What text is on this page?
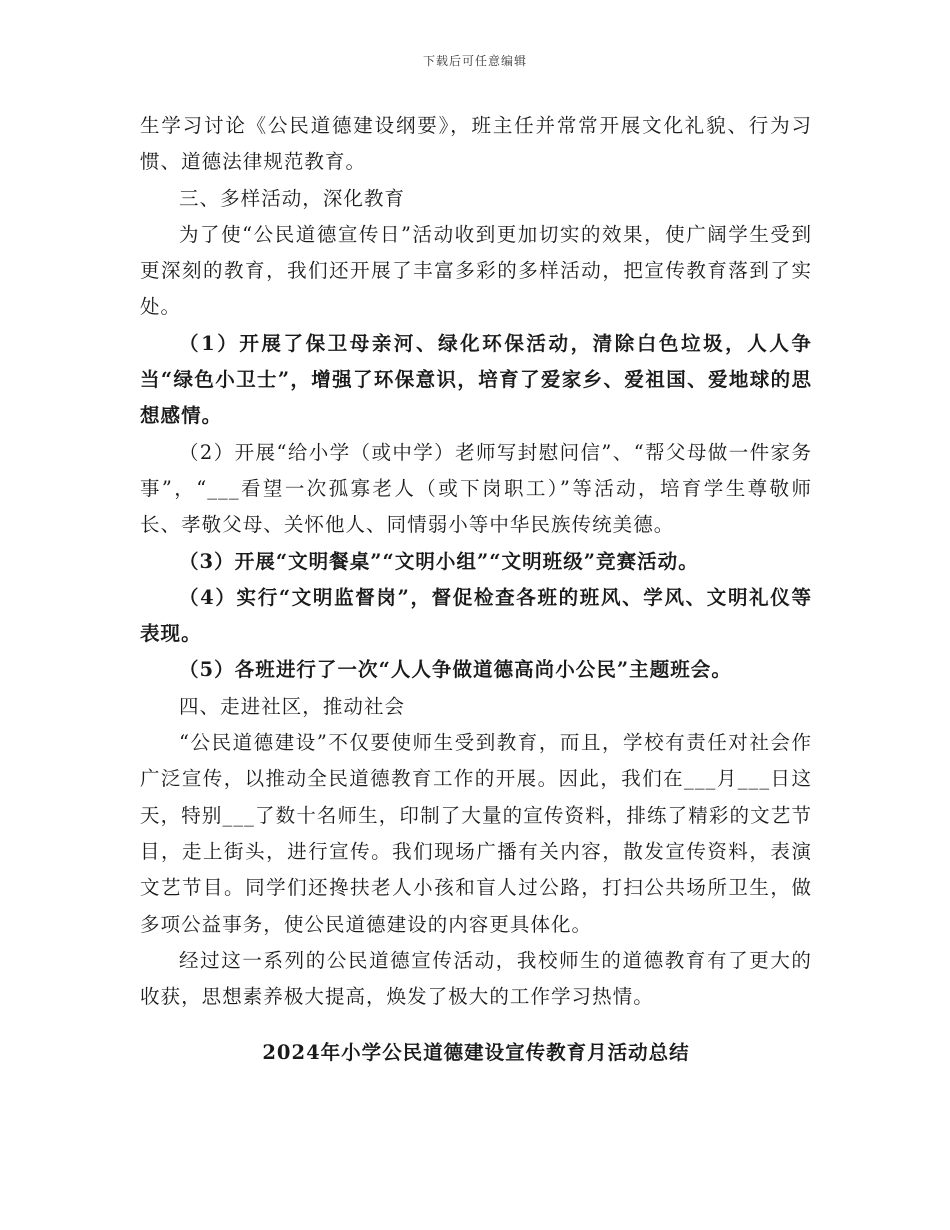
下载后可任意编辑

生学习讨论《公民道德建设纲要》，班主任并常常开展文化礼貌、行为习惯、道德法律规范教育。

三、多样活动，深化教育

为了使“公民道德宣传日”活动收到更加切实的效果，使广阔学生受到更深刻的教育，我们还开展了丰富多彩的多样活动，把宣传教育落到了实处。

（1）开展了保卫母亲河、绿化环保活动，清除白色垃圾，人人争当“绿色小卫士”，增强了环保意识，培育了爱家乡、爱祖国、爱地球的思想感情。

（2）开展“给小学（或中学）老师写封慰问信”、“帮父母做一件家务事”，“___看望一次孤寡老人（或下岗职工）”等活动，培育学生尊敬师长、孝敬父母、关怀他人、同情弱小等中华民族传统美德。

（3）开展“文明餐桌”“文明小组”“文明班级”竞赛活动。

（4）实行“文明监督岗”，督促检查各班的班风、学风、文明礼仪等表现。

（5）各班进行了一次“人人争做道德高尚小公民”主题班会。

四、走进社区，推动社会

“公民道德建设”不仅要使师生受到教育，而且，学校有责任对社会作广泛宣传，以推动全民道德教育工作的开展。因此，我们在___月___日这天，特别___了数十名师生，印制了大量的宣传资料，排练了精彩的文艺节目，走上街头，进行宣传。我们现场广播有关内容，散发宣传资料，表演文艺节目。同学们还搀扶老人小孩和盲人过公路，打扫公共场所卫生，做多项公益事务，使公民道德建设的内容更具体化。

经过这一系列的公民道德宣传活动，我校师生的道德教育有了更大的收获，思想素养极大提高，焕发了极大的工作学习热情。

2024年小学公民道德建设宣传教育月活动总结
